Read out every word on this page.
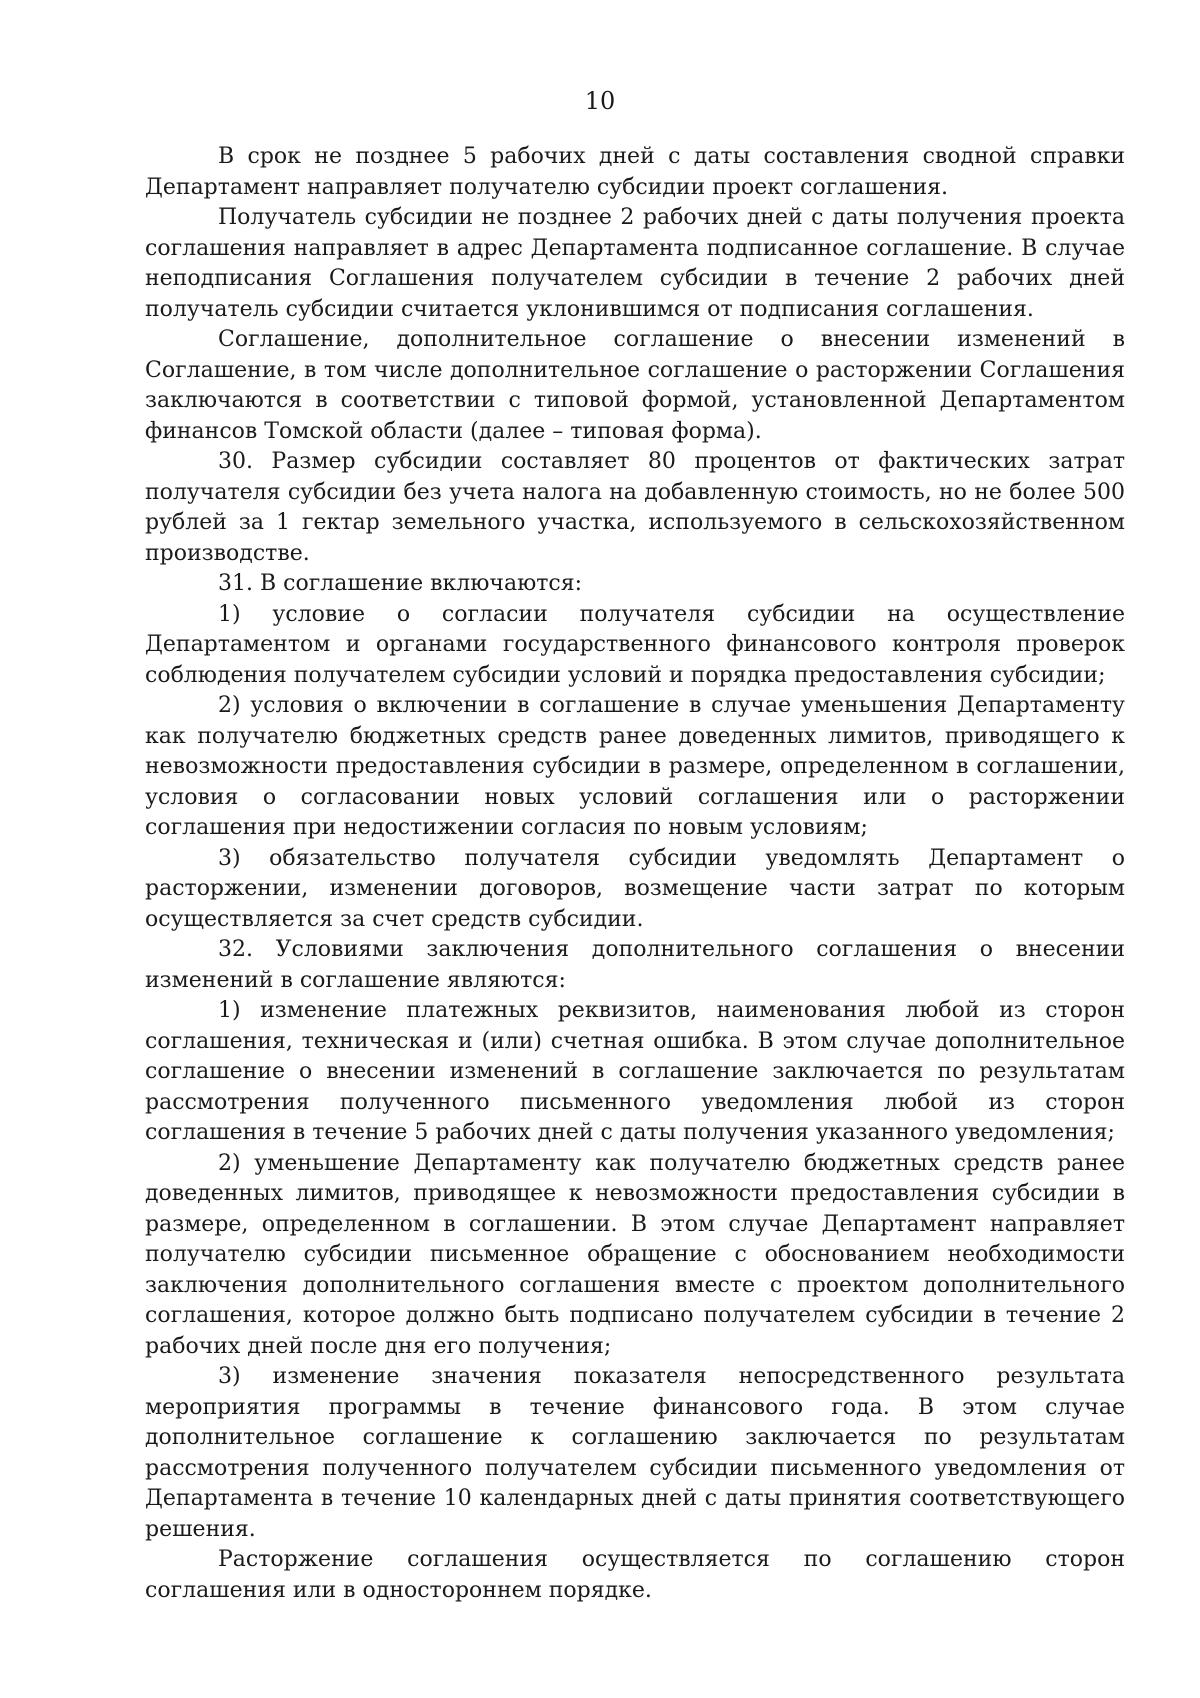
10

В срок не позднее 5 рабочих дней с даты составления сводной справки Департамент направляет получателю субсидии проект соглашения.

Получатель субсидии не позднее 2 рабочих дней с даты получения проекта соглашения направляет в адрес Департамента подписанное соглашение. В случае неподписания Соглашения получателем субсидии в течение 2 рабочих дней получатель субсидии считается уклонившимся от подписания соглашения.

Соглашение, дополнительное соглашение о внесении изменений в Соглашение, в том числе дополнительное соглашение о расторжении Соглашения заключаются в соответствии с типовой формой, установленной Департаментом финансов Томской области (далее – типовая форма).

30. Размер субсидии составляет 80 процентов от фактических затрат получателя субсидии без учета налога на добавленную стоимость, но не более 500 рублей за 1 гектар земельного участка, используемого в сельскохозяйственном производстве.

31. В соглашение включаются:

1) условие о согласии получателя субсидии на осуществление Департаментом и органами государственного финансового контроля проверок соблюдения получателем субсидии условий и порядка предоставления субсидии;

2) условия о включении в соглашение в случае уменьшения Департаменту как получателю бюджетных средств ранее доведенных лимитов, приводящего к невозможности предоставления субсидии в размере, определенном в соглашении, условия о согласовании новых условий соглашения или о расторжении соглашения при недостижении согласия по новым условиям;

3) обязательство получателя субсидии уведомлять Департамент о расторжении, изменении договоров, возмещение части затрат по которым осуществляется за счет средств субсидии.

32. Условиями заключения дополнительного соглашения о внесении изменений в соглашение являются:

1) изменение платежных реквизитов, наименования любой из сторон соглашения, техническая и (или) счетная ошибка. В этом случае дополнительное соглашение о внесении изменений в соглашение заключается по результатам рассмотрения полученного письменного уведомления любой из сторон соглашения в течение 5 рабочих дней с даты получения указанного уведомления;

2) уменьшение Департаменту как получателю бюджетных средств ранее доведенных лимитов, приводящее к невозможности предоставления субсидии в размере, определенном в соглашении. В этом случае Департамент направляет получателю субсидии письменное обращение с обоснованием необходимости заключения дополнительного соглашения вместе с проектом дополнительного соглашения, которое должно быть подписано получателем субсидии в течение 2 рабочих дней после дня его получения;

3) изменение значения показателя непосредственного результата мероприятия программы в течение финансового года. В этом случае дополнительное соглашение к соглашению заключается по результатам рассмотрения полученного получателем субсидии письменного уведомления от Департамента в течение 10 календарных дней с даты принятия соответствующего решения.

Расторжение соглашения осуществляется по соглашению сторон соглашения или в одностороннем порядке.
